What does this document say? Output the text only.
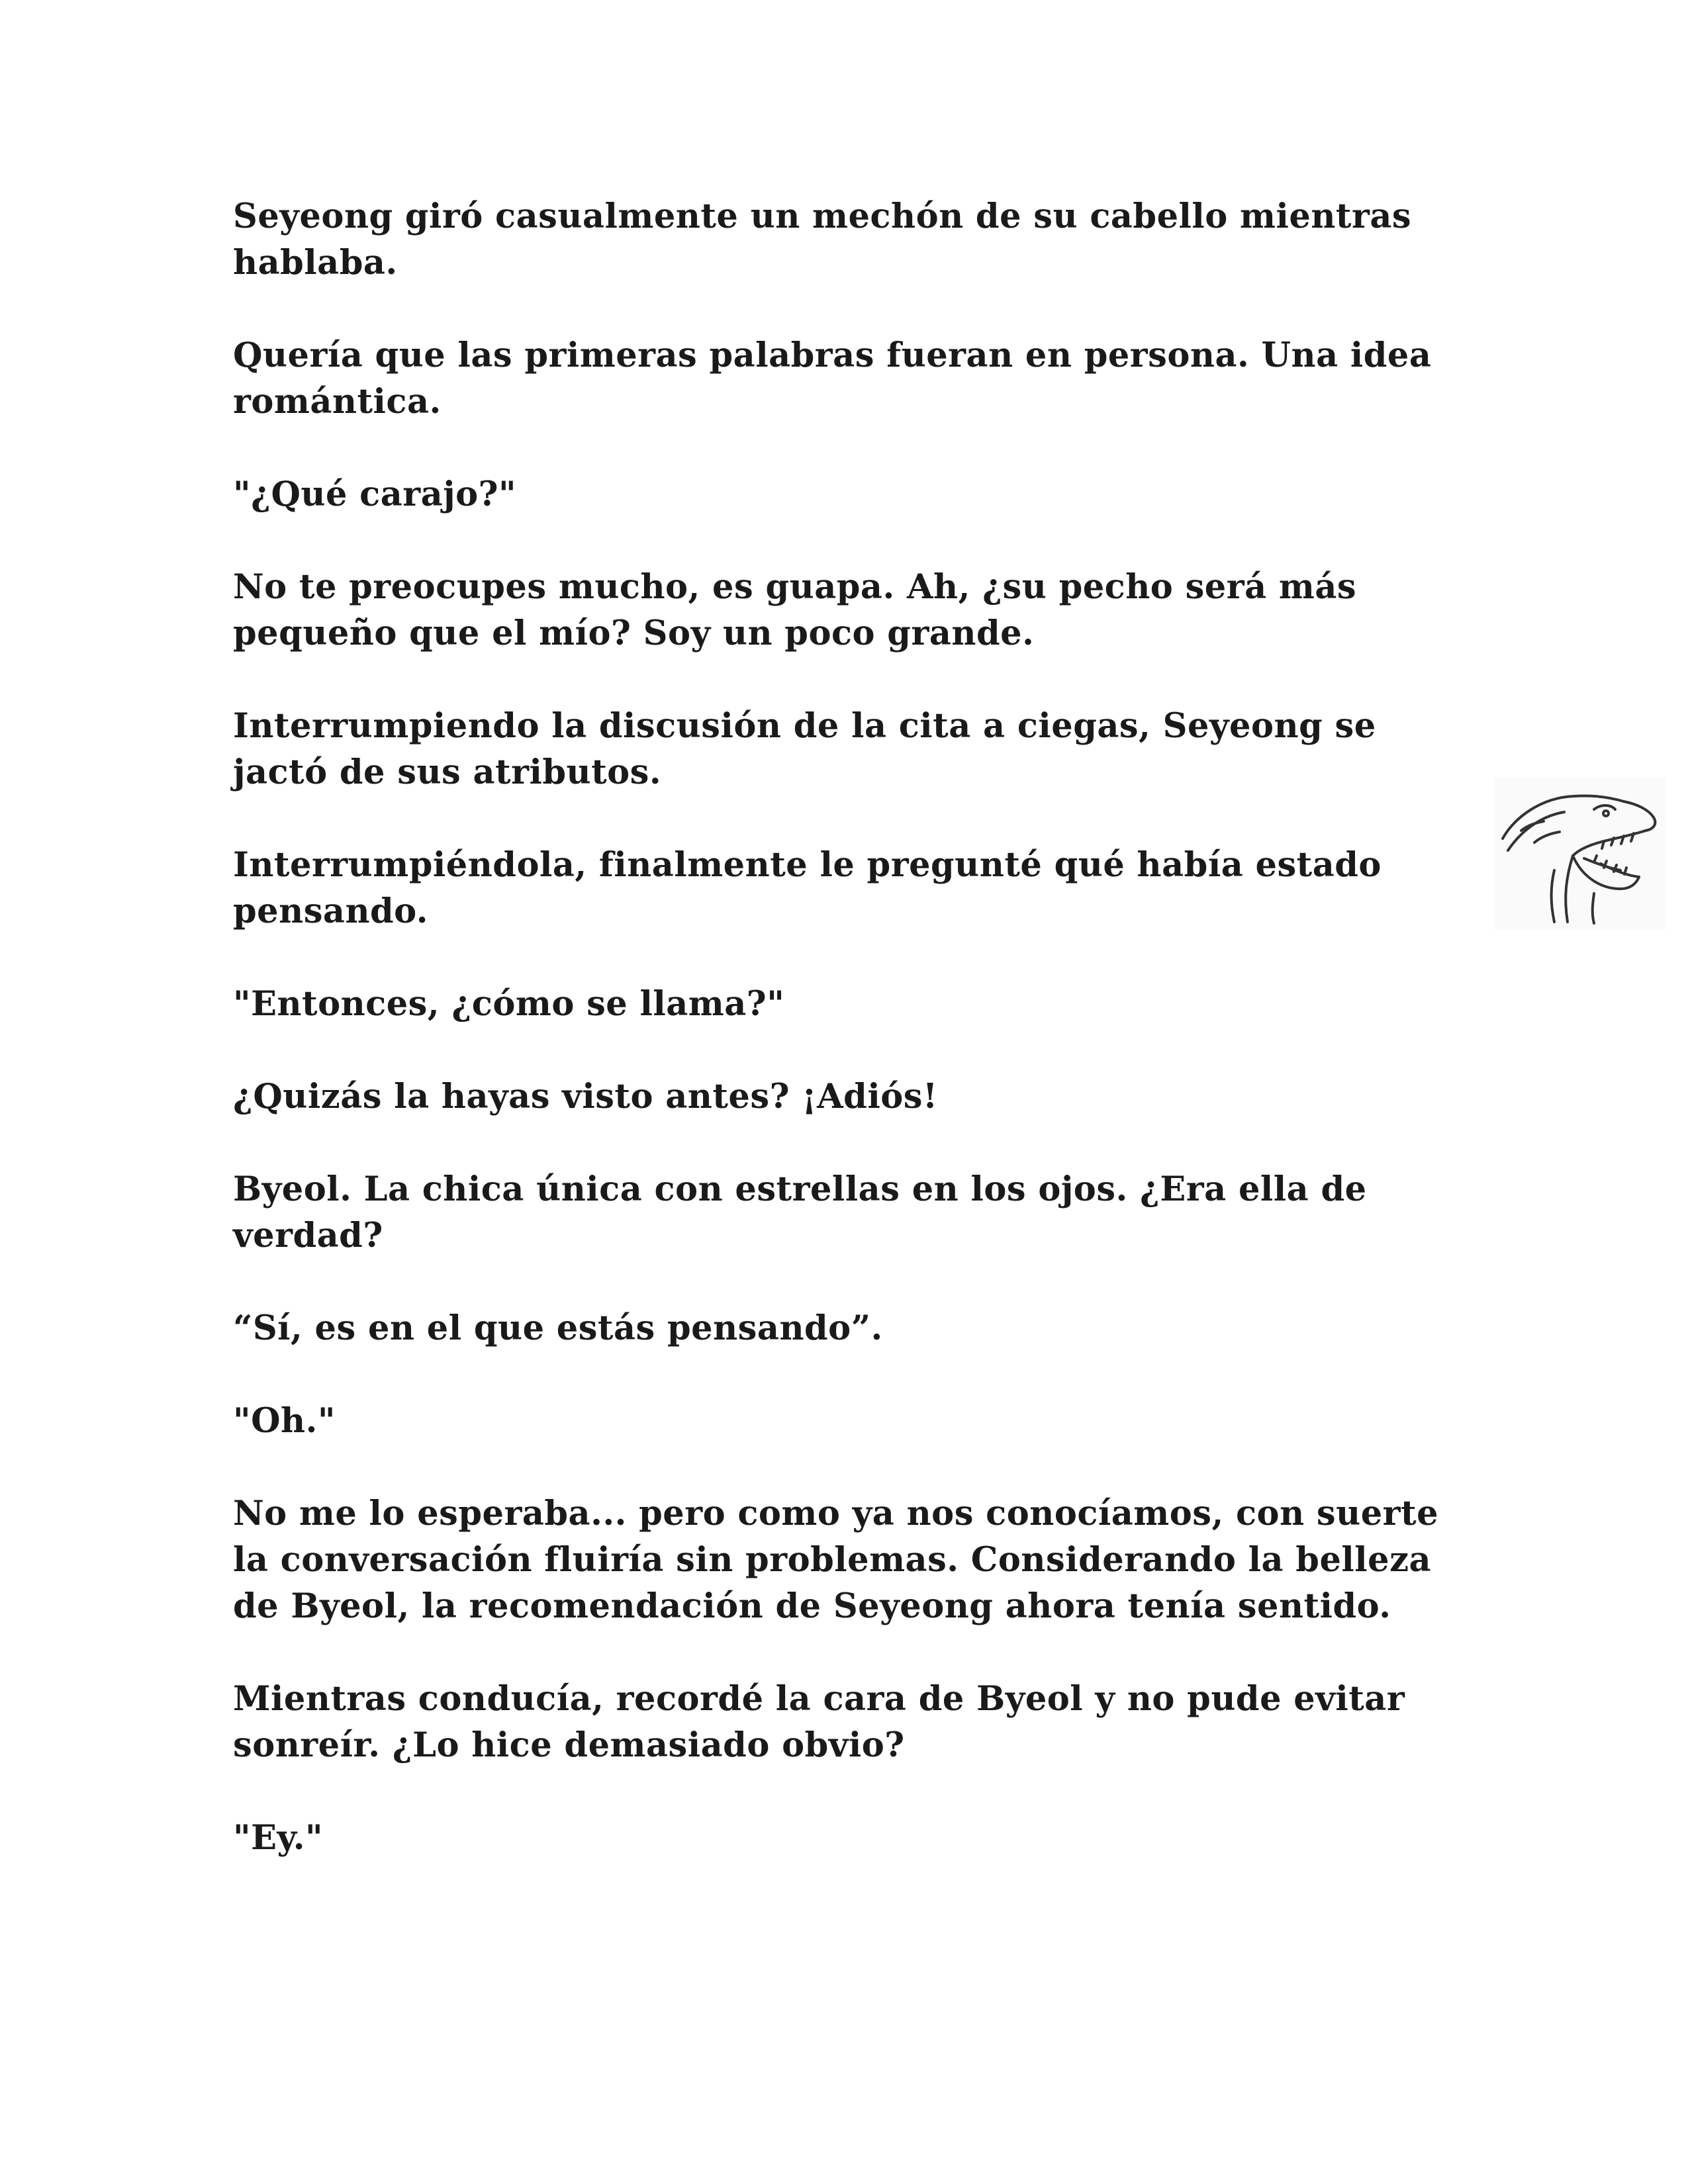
Seyeong giró casualmente un mechón de su cabello mientras hablaba.

Quería que las primeras palabras fueran en persona. Una idea romántica.

"¿Qué carajo?"

No te preocupes mucho, es guapa. Ah, ¿su pecho será más pequeño que el mío? Soy un poco grande.

Interrumpiendo la discusión de la cita a ciegas, Seyeong se jactó de sus atributos.

Interrumpiéndola, finalmente le pregunté qué había estado pensando.

"Entonces, ¿cómo se llama?"

¿Quizás la hayas visto antes? ¡Adiós!

Byeol. La chica única con estrellas en los ojos. ¿Era ella de verdad?

“Sí, es en el que estás pensando”.

"Oh."

No me lo esperaba... pero como ya nos conocíamos, con suerte la conversación fluiría sin problemas. Considerando la belleza de Byeol, la recomendación de Seyeong ahora tenía sentido.

Mientras conducía, recordé la cara de Byeol y no pude evitar sonreír. ¿Lo hice demasiado obvio?

"Ey."
